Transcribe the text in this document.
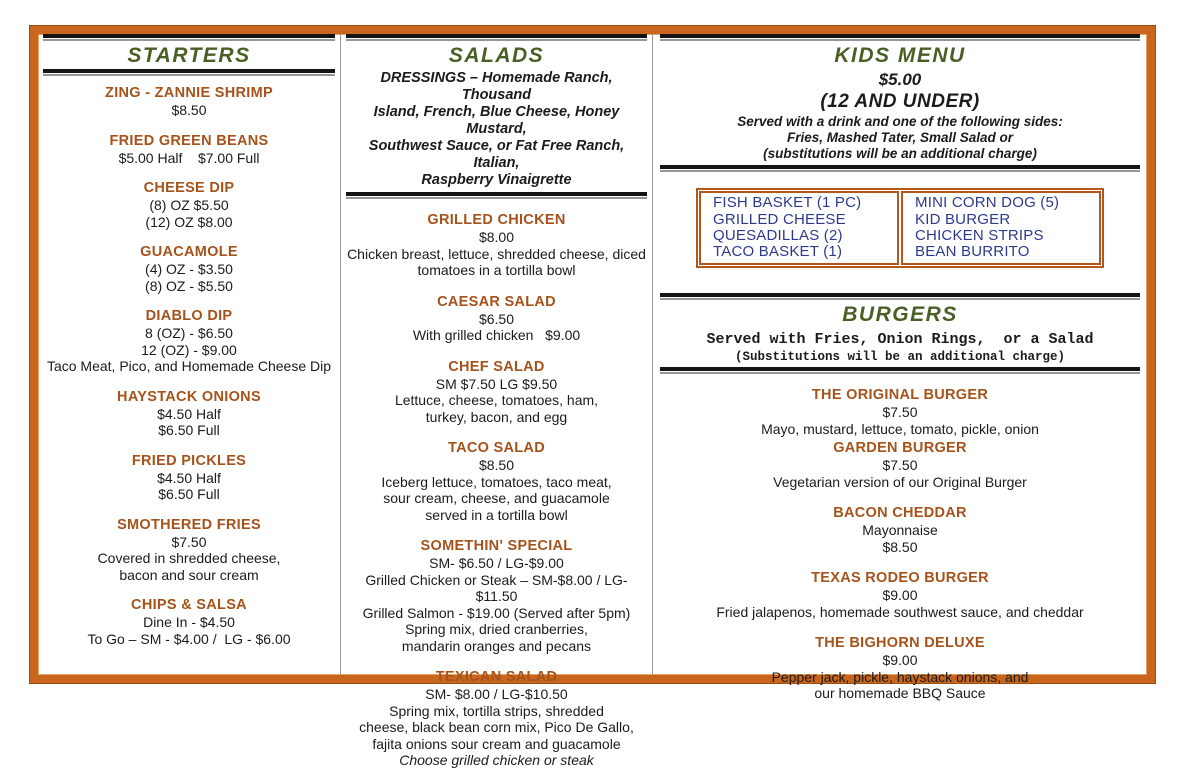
STARTERS
ZING - ZANNIE SHRIMP
$8.50
FRIED GREEN BEANS
$5.00 Half    $7.00 Full
CHEESE DIP
(8) OZ $5.50
(12) OZ $8.00
GUACAMOLE
(4) OZ - $3.50
(8) OZ - $5.50
DIABLO DIP
8 (OZ) - $6.50
12 (OZ) - $9.00
Taco Meat, Pico, and Homemade Cheese Dip
HAYSTACK ONIONS
$4.50 Half
$6.50 Full
FRIED PICKLES
$4.50 Half
$6.50 Full
SMOTHERED FRIES
$7.50
Covered in shredded cheese,
bacon and sour cream
CHIPS & SALSA
Dine In - $4.50
To Go – SM - $4.00 /  LG - $6.00
SALADS
DRESSINGS – Homemade Ranch, Thousand
Island, French, Blue Cheese, Honey Mustard,
Southwest Sauce, or Fat Free Ranch, Italian,
Raspberry Vinaigrette
GRILLED CHICKEN
$8.00
Chicken breast, lettuce, shredded cheese, diced
tomatoes in a tortilla bowl
CAESAR SALAD
$6.50
With grilled chicken   $9.00
CHEF SALAD
SM $7.50 LG $9.50
Lettuce, cheese, tomatoes, ham,
turkey, bacon, and egg
TACO SALAD
$8.50
Iceberg lettuce, tomatoes, taco meat,
sour cream, cheese, and guacamole
served in a tortilla bowl
SOMETHIN' SPECIAL
SM- $6.50 / LG-$9.00
Grilled Chicken or Steak – SM-$8.00 / LG- $11.50
Grilled Salmon - $19.00 (Served after 5pm)
Spring mix, dried cranberries,
mandarin oranges and pecans
TEXICAN SALAD
SM- $8.00 / LG-$10.50
Spring mix, tortilla strips, shredded
cheese, black bean corn mix, Pico De Gallo,
fajita onions sour cream and guacamole
Choose grilled chicken or steak
KIDS MENU
$5.00
(12 AND UNDER)
Served with a drink and one of the following sides:
Fries, Mashed Tater, Small Salad or
(substitutions will be an additional charge)
FISH BASKET (1 PC)
GRILLED CHEESE
QUESADILLAS (2)
TACO BASKET (1)
MINI CORN DOG (5)
KID BURGER
CHICKEN STRIPS
BEAN BURRITO
BURGERS
Served with Fries, Onion Rings,  or a Salad
(Substitutions will be an additional charge)
THE ORIGINAL BURGER
$7.50
Mayo, mustard, lettuce, tomato, pickle, onion
GARDEN BURGER
$7.50
Vegetarian version of our Original Burger
BACON CHEDDAR
Mayonnaise
$8.50
TEXAS RODEO BURGER
$9.00
Fried jalapenos, homemade southwest sauce, and cheddar
THE BIGHORN DELUXE
$9.00
Pepper jack, pickle, haystack onions, and
our homemade BBQ Sauce
